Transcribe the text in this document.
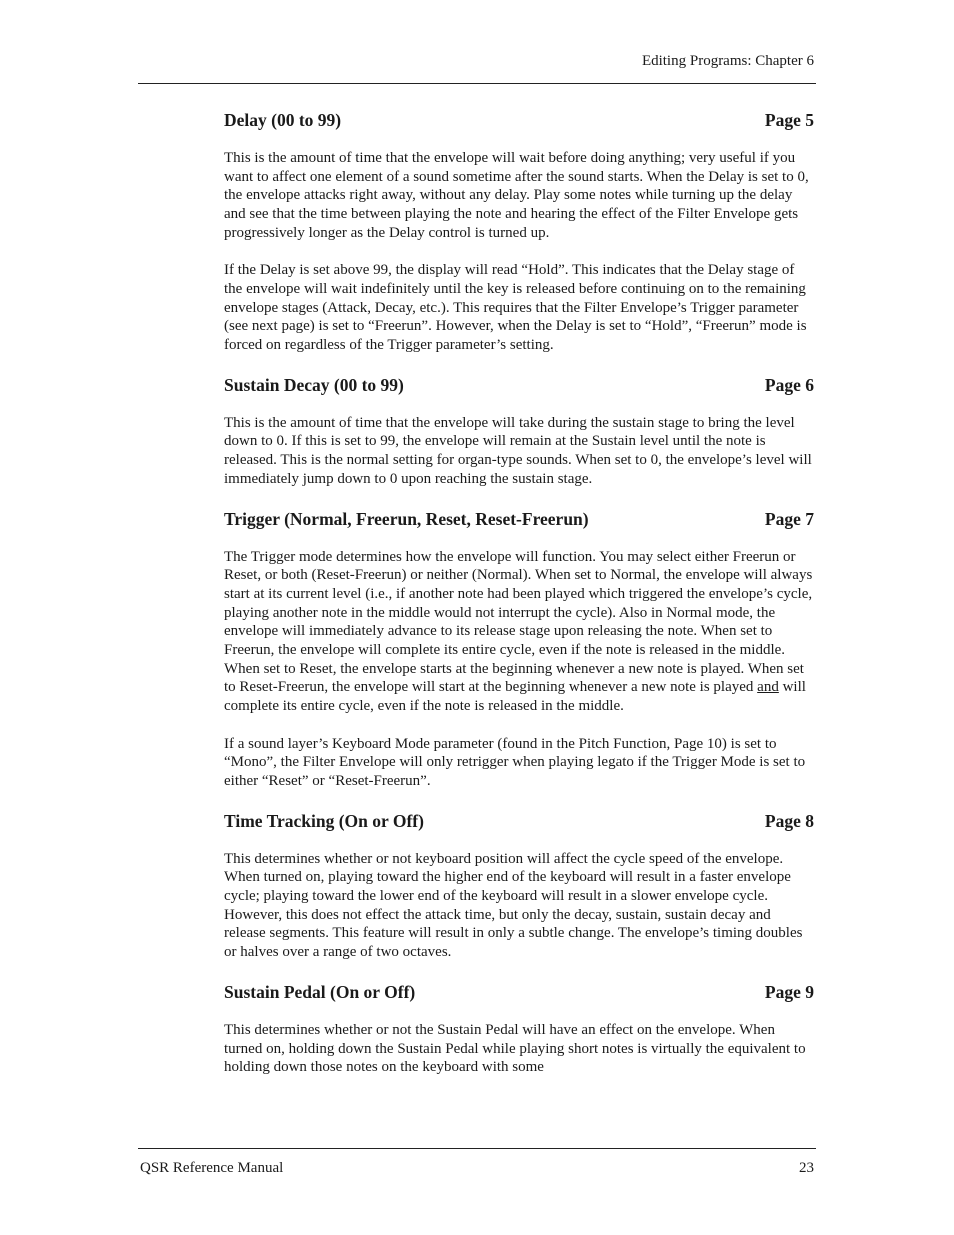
Editing Programs: Chapter 6
Delay (00 to 99)	Page 5

This is the amount of time that the envelope will wait before doing anything; very useful if you want to affect one element of a sound sometime after the sound starts. When the Delay is set to 0, the envelope attacks right away, without any delay. Play some notes while turning up the delay and see that the time between playing the note and hearing the effect of the Filter Envelope gets progressively longer as the Delay control is turned up.

If the Delay is set above 99, the display will read “Hold”. This indicates that the Delay stage of the envelope will wait indefinitely until the key is released before continuing on to the remaining envelope stages (Attack, Decay, etc.). This requires that the Filter Envelope’s Trigger parameter (see next page) is set to “Freerun”. However, when the Delay is set to “Hold”, “Freerun” mode is forced on regardless of the Trigger parameter’s setting.

Sustain Decay (00 to 99)	Page 6

This is the amount of time that the envelope will take during the sustain stage to bring the level down to 0. If this is set to 99, the envelope will remain at the Sustain level until the note is released. This is the normal setting for organ-type sounds. When set to 0, the envelope’s level will immediately jump down to 0 upon reaching the sustain stage.

Trigger (Normal, Freerun, Reset, Reset-Freerun)	Page 7

The Trigger mode determines how the envelope will function. You may select either Freerun or Reset, or both (Reset-Freerun) or neither (Normal). When set to Normal, the envelope will always start at its current level (i.e., if another note had been played which triggered the envelope’s cycle, playing another note in the middle would not interrupt the cycle). Also in Normal mode, the envelope will immediately advance to its release stage upon releasing the note. When set to Freerun, the envelope will complete its entire cycle, even if the note is released in the middle. When set to Reset, the envelope starts at the beginning whenever a new note is played. When set to Reset-Freerun, the envelope will start at the beginning whenever a new note is played and will complete its entire cycle, even if the note is released in the middle.

If a sound layer’s Keyboard Mode parameter (found in the Pitch Function, Page 10) is set to “Mono”, the Filter Envelope will only retrigger when playing legato if the Trigger Mode is set to either “Reset” or “Reset-Freerun”.

Time Tracking (On or Off)	Page 8

This determines whether or not keyboard position will affect the cycle speed of the envelope. When turned on, playing toward the higher end of the keyboard will result in a faster envelope cycle; playing toward the lower end of the keyboard will result in a slower envelope cycle. However, this does not effect the attack time, but only the decay, sustain, sustain decay and release segments. This feature will result in only a subtle change. The envelope’s timing doubles or halves over a range of two octaves.

Sustain Pedal (On or Off)	Page 9

This determines whether or not the Sustain Pedal will have an effect on the envelope. When turned on, holding down the Sustain Pedal while playing short notes is virtually the equivalent to holding down those notes on the keyboard with some

QSR Reference Manual	23
